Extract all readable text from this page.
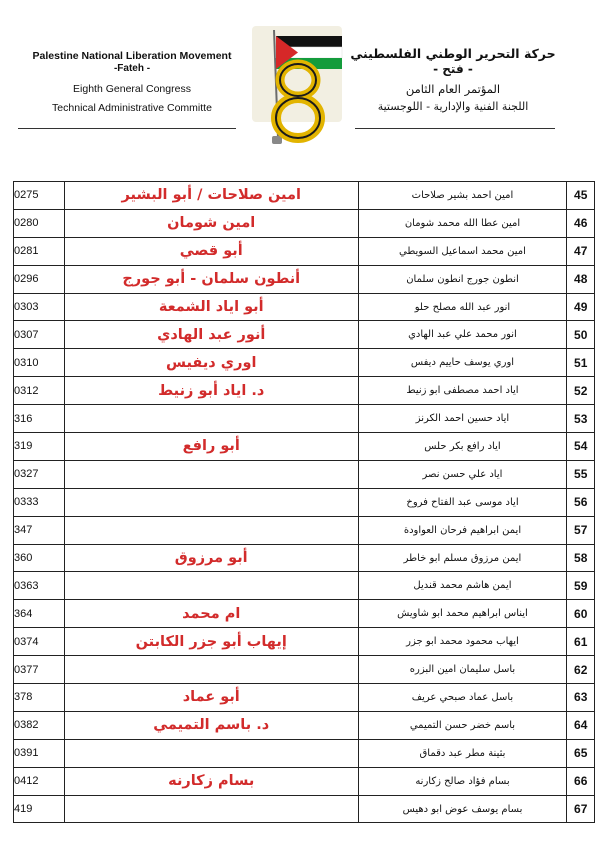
Palestine National Liberation Movement
-Fateh -
Eighth General Congress
Technical Administrative Committe
حركة التحرير الوطني الفلسطيني
- فتح -
المؤتمر العام الثامن
اللجنة الفنية والإدارية - اللوجستية
0275	امين صلاحات / أبو البشير	امين احمد بشير صلاحات	45
0280	امين شومان	امين عطا الله محمد شومان	46
0281	أبو قصي	امين محمد اسماعيل السويطي	47
0296	أنطون سلمان - أبو جورج	انطون جورج انطون سلمان	48
0303	أبو اياد الشمعة	انور عبد الله مصلح حلو	49
0307	أنور عبد الهادي	انور محمد علي عبد الهادي	50
0310	اوري ديفيس	اوري يوسف حاييم ديفس	51
0312	د. اياد أبو زنيط	اياد احمد مصطفى ابو زنيط	52
316		اياد حسين احمد الكرنز	53
319	أبو رافع	اياد رافع بكر حلس	54
0327		اياد علي حسن نصر	55
0333		اياد موسى عبد الفتاح فروخ	56
347		ايمن ابراهيم فرحان العواودة	57
360	أبو مرزوق	ايمن مرزوق مسلم ابو خاطر	58
0363		ايمن هاشم محمد قنديل	59
364	ام محمد	ايناس ابراهيم محمد ابو شاويش	60
0374	إيهاب أبو جزر الكابتن	ايهاب محمود محمد ابو جزر	61
0377		باسل سليمان امين البزره	62
378	أبو عماد	باسل عماد صبحي عريف	63
0382	د. باسم التميمي	باسم خضر حسن التميمي	64
0391		بثينة مطر عبد دقماق	65
0412	بسام زكارنه	بسام فؤاد صالح زكارنه	66
419		بسام يوسف عوض ابو دهيس	67
